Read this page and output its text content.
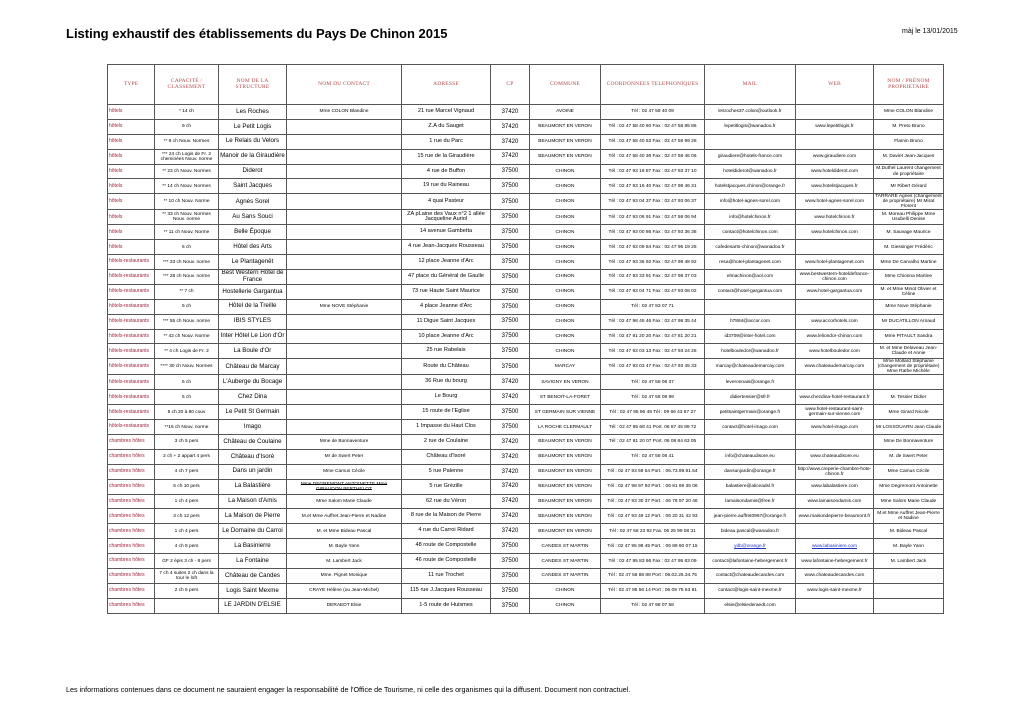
Listing exhaustif des établissements du Pays De Chinon 2015	màj le 13/01/2015
TYPE	CAPACITÉ / CLASSEMENT	NOM DE LA STRUCTURE	NOM DU CONTACT	ADRESSE	CP	COMMUNE	COORDONNEES TELEPHONIQUES	MAIL	WEB	NOM / PRÉNOM PROPRIETAIRE
hôtels	* 14 ch	Les Roches	Mme COLON Blandine	21 rue Marcel Vignaud	37420	AVOINE	Tél : 02 47 58 40 09	lesroches37.colon@outlook.fr		Mme COLON Blandine
hôtels	9 ch	Le Petit Logis		Z.A du Sauget	37420	BEAUMONT EN VERON	Tél : 02 47 58 40 60 Fax : 02 47 58 85 86	lepetitlogis@wanadoo.fr	www.lepetitlogis.fr	M. Preto Bruno
hôtels	** 8 ch Nouv. Normes	Le Relais du Velors		1 rue du Parc	37420	BEAUMONT EN VERON	Tél : 02 47 58 40 53 Fax : 02 47 58 99 28			Flamin Bruno
hôtels	*** 24 ch Logis de Fr. 2 cheminées Nouv. norme	Manoir de la Giraudière		15 rue de la Giraudière	37420	BEAUMONT EN VERON	Tél : 02 47 58 40 36 Fax : 02 47 58 46 06	giraudiere@hotels-france.com	www.giraudiere.com	M. Daviet Jean-Jacques
hôtels	** 23 ch Nouv. Normes	Diderot		4 rue de Buffon	37500	CHINON	Tél : 02 47 93 18 87 Fax : 02 47 93 37 10	hoteldiderot@wanadoo.fr	www.hoteldiderot.com	M.Duthel Laurent changement de propriétaire
hôtels	** 14 ch Nouv. Normes	Saint Jacques		19 rue du Raineau	37500	CHINON	Tél : 02 47 93 16 40 Fax : 02 47 98 46 31	hotelstjacques.chinon@orange.fr	www.hotelstjacques.fr	Mr Ribert Gérard
hôtels	** 10 ch Nouv. Norme	Agnès Sorel		4 quai Pasteur	37500	CHINON	Tél : 02 47 93 04 37 Fax : 02 47 93 06 37	info@hotel-agnes-sorel.com	www.hotel-agnes-sorel.com	TARRARE Agnes (changement de propriétaire) Mr Mirat Florent
hôtels	** 33 ch Nouv. Normes Nouv. norme	Au Sans Souci		ZA pLaine des Vaux n°2 1 allée Jacqueline Auriol	37500	CHINON	Tél : 02 47 93 06 91 Fax : 02 47 58 06 94	info@hotelchinon.fr	www.hotelchinon.fr	M. Moreau Philippe Mme Usubelli Denise
hôtels	** 11 ch Nouv. Norme	Belle Époque		14 avenue Gambetta	37500	CHINON	Tél : 02 47 93 00 86 Fax : 02 47 93 36 38	contact@hotelchinon.com	www.hotelchinon.com	M. Sauvage Maurice
hôtels	6 ch	Hôtel des Arts		4 rue Jean-Jacques Rousseau	37500	CHINON	Tél : 02 47 93 09 84 Fax : 02 47 95 19 25	cafedesarts-chinon@wanadoo.fr		M. Giessinger Frédéric
hôtels-restaurants	*** 33 ch Nouv. norme	Le Plantagenêt		12 place Jeanne d'Arc	37500	CHINON	Tél : 02 47 93 36 92 Fax : 02 47 98 48 92	resa@hotel-plantagenet.com	www.hotel-plantagenet.com	Mme De Carvalho Martine
hôtels-restaurants	*** 28 ch Nouv. norme	Best Western Hôtel de France		47 place du Général de Gaulle	37500	CHINON	Tél : 02 47 93 33 91 Fax : 02 47 98 37 03	elmachinon@aol.com	www.bestwestern-hoteldefrance-chinon.com	Mme Chionna Martine
hôtels-restaurants	** 7 ch	Hostellerie Gargantua		73 rue Haute Saint Maurice	37500	CHINON	Tél : 02 47 93 04 71 Fax : 02 47 93 08 02	contact@hotel-gargantua.com	www.hotel-gargantua.com	M. et Mme Minot Olivier et Céline
hôtels-restaurants	5 ch	Hôtel de la Treille	Mme NOVE Stéphanie	4 place Jeanne d'Arc	37500	CHINON	Tél : 02 47 93 07 71			Mme Nove Stéphanie
hôtels-restaurants	*** 55 ch Nouv. norme	IBIS STYLES		11 Digue Saint Jacques	37500	CHINON	Tél : 02 47 98 46 46 Fax : 02 47 98 35 44	h7864@accor.com	www.accorhotels.com	Mr DUCATILLON Arnaud
hôtels-restaurants	** 42 ch Nouv. Norme	Inter Hôtel Le Lion d'Or		10 place Jeanne d'Arc	37500	CHINON	Tél : 02 47 81 20 20 Fax : 02 47 81 20 21	id3709@inter-hotel.com	www.leliondor-chinon.com	Mme PITAULT Sandra
hôtels-restaurants	** 4 ch Logis de Fr. 2	La Boule d'Or		25 rue Rabelais	37500	CHINON	Tél : 02 47 93 03 13 Fax : 02 47 93 24 25	hotelbouledor@wanadoo.fr	www.hotelbouledor.com	M. et Mme Delaveau Jean-Claude et Annie
hôtels-restaurants	**** 30 ch Nouv. Normes	Château de Marcay		Route du Château	37500	MARCAY	Tél : 02 47 93 03 47 Fax : 02 47 93 45 33	marcay@chateaudemarcay.com	www.chateaudemarcay.com	Mme Mollard Stéphanie (changement de propriétaire) Mme Rathe Michèle
hôtels-restaurants	5 ch	L'Auberge du Bocage		36 Rue du bourg	37420	SAVIGNY EN VERON	Tél : 02 47 58 08 37	leveronnais@orange.fr		
hôtels-restaurants	5 ch	Chez Dina		Le Bourg	37420	ST BENOIT-LA-FORET	Tél : 02 47 58 08 99	didiertessier@sfr.fr	www.chezdina-hotel-restaurant.fr	M. Tessier Didier
hôtels-restaurants	5 ch 20 à 80 couv	Le Petit St Germain		15 route de l'Eglise	37500	ST GERMAIN SUR VIENNE	Tél : 02 47 95 96 48 Tél : 09 66 43 67 27	petitsaintgermain@orange.fr	www.hotel-restaurant-saint-germain-sur-vienne.com	Mme Girard Nicole
hôtels-restaurants	**15 ch Nouv. norme	Imago		1 Impasse du Haut Clos	37500	LA ROCHE CLERMAULT	Tél : 02 47 95 68 41 Port. 06 87 45 89 72	contact@hotel-imago.com	www.hotel-imago.com	Mr LOSSOUARN Jean Claude
chambres hôtes	3 ch 5 pers	Château de Coulaine	Mme de Bonnaventure	2 rue de Coulaine	37420	BEAUMONT EN VERON	Tél : 02 47 81 20 07 Port. 06 08 84 63 05			Mme De Bonnaventure
chambres hôtes	2 ch + 2 appart 4 pers	Château d'Isoré	Mr de Swert Peter	Château d'Isoré	37420	BEAUMONT EN VERON	Tél : 02 47 58 08 41	info@chateaudisore.eu	www.chateaudisore.eu	M. de Swert Peter
chambres hôtes	4 ch 7 pers	Dans un jardin	Mme Camus Cécile	5 rue Palenne	37420	BEAUMONT EN VERON	Tél : 02 47 93 59 54 Port. : 06.73.99.91.54	dansunjardin@orange.fr	http://www.creperie-chambre-hote-chinon.fr	Mme Camus Cécile
chambres hôtes	5 ch 10 pers	La Balastière	Mme DEGREMONT ANTOINETTE Mme GIRAUDON BERTHELOT	5 rue Grézille	37420	BEAUMONT EN VERON	Tél : 02 47 98 97 93 Port. : 06 81 69 35 06	balastiere@aliceadsl.fr	www.labalastiere.com	Mme Degremont Antoinette
chambres hôtes	1 ch 4 pers	La Maison d'Amis	Mme Salom Marie Claude	62 rue du Véron	37420	BEAUMONT EN VERON	Tél : 02 47 93 30 37 Port. : 06 78 97 20 46	lamaisondamis@free.fr	www.lamaisondamis.com	Mme Salom Marie Claude
chambres hôtes	3 ch 12 pers	La Maison de Pierre	M.et Mme Auffret Jean-Pierre et Nadine	8 rue de la Maison de Pierre	37420	BEAUMONT EN VERON	Tél : 02 47 93 49 12 Port. : 06 20 31 42 93	jean-pierre.auffret0967@orange.fr	www.maisondepierre-beaumont.fr	M.et Mme Auffret Jean-Pierre et Nadine
chambres hôtes	1 ch 4 pers	Le Domaine du Carroi	M. et Mme Bideau Pascal	4 rue du Carroi Ridard	37420	BEAUMONT EN VERON	Tél : 02 47 58 23 92 Fax. 06 25 99 58 31	bideau.pascal@wanadoo.fr		M. Bideau Pascal
chambres hôtes	4 ch 8 pers	La Basinierre	M. Bayle Yann	48 route de Compostelle	37500	CANDES ST MARTIN	Tél : 02 47 95 98 45 Port. : 06 89 60 07 15	ydb@orange.fr	www.labasiniere.com	M. Bayle Yann
chambres hôtes	GF 2 épis 3 ch - 8 pers	La Fontaine	M. Lambert Jack	46 route de Compostelle	37500	CANDES ST MARTIN	Tél : 02 47 95 83 66 Fax : 02 47 95 83 09	contact@lafontaine-hebergement.fr	www.lafontaine-hebergement.fr	M. Lambert Jack
chambres hôtes	7 ch 4 suites 2 ch dans la tour le loft	Château de Candes	Mme. Pignet Monique	11 rue Trochet	37500	CANDES ST MARTIN	Tél : 02 47 58 88 88 Port : 06.02.26.34.75	contact@chateaudecandes.com	www.chateaudecandes.com	
chambres hôtes	2 ch 5 pers	Logis Saint Mexme	CRAYE Hélène (ou Jean-Michel)	115 rue J.Jacques Rousseau	37500	CHINON	Tél : 02 47 95 56 14 Port : 06 08 75 63 81	contact@logis-saint-mexme.fr	www.logis-saint-mexme.fr	
chambres hôtes		LE JARDIN D'ELSIE	DERAEDT Elsie	1-5 route de Huismes	37500	CHINON	Tél : 02 47 98 07 58	elsie@elsiederaedt.com		
Les informations contenues dans ce document ne sauraient engager la responsabilité de l'Office de Tourisme, ni celle des organismes qui la diffusent. Document non contractuel.
